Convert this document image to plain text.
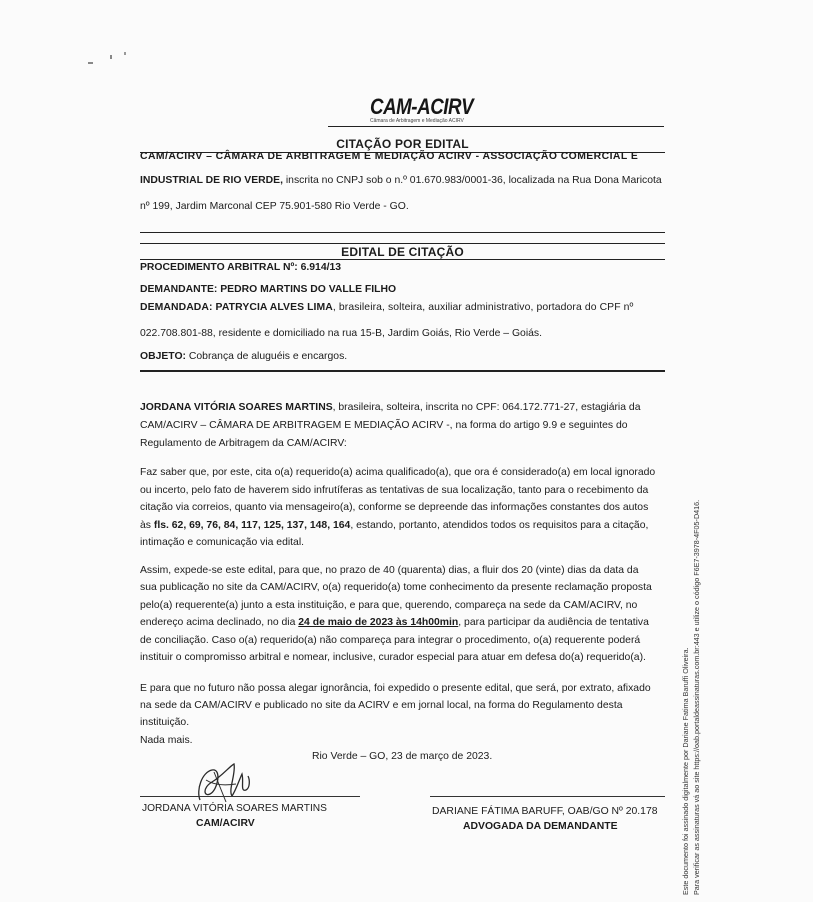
CAM-ACIRV
Câmara de Arbitragem e Mediação ACIRV
CITAÇÃO POR EDITAL
CAM/ACIRV – CÂMARA DE ARBITRAGEM E MEDIAÇÃO ACIRV - ASSOCIAÇÃO COMERCIAL E
INDUSTRIAL DE RIO VERDE, inscrita no CNPJ sob o n.º 01.670.983/0001-36, localizada na Rua Dona Maricota
nº 199, Jardim Marconal CEP 75.901-580 Rio Verde - GO.
EDITAL DE CITAÇÃO
PROCEDIMENTO ARBITRAL Nº: 6.914/13
DEMANDANTE: PEDRO MARTINS DO VALLE FILHO
DEMANDADA: PATRYCIA ALVES LIMA, brasileira, solteira, auxiliar administrativo, portadora do CPF nº
022.708.801-88, residente e domiciliado na rua 15-B, Jardim Goiás, Rio Verde – Goiás.
OBJETO: Cobrança de aluguéis e encargos.
JORDANA VITÓRIA SOARES MARTINS, brasileira, solteira, inscrita no CPF: 064.172.771-27, estagiária da
CAM/ACIRV – CÂMARA DE ARBITRAGEM E MEDIAÇÃO ACIRV -, na forma do artigo 9.9 e seguintes do
Regulamento de Arbitragem da CAM/ACIRV:
Faz saber que, por este, cita o(a) requerido(a) acima qualificado(a), que ora é considerado(a) em local ignorado
ou incerto, pelo fato de haverem sido infrutíferas as tentativas de sua localização, tanto para o recebimento da
citação via correios, quanto via mensageiro(a), conforme se depreende das informações constantes dos autos
às fls. 62, 69, 76, 84, 117, 125, 137, 148, 164, estando, portanto, atendidos todos os requisitos para a citação,
intimação e comunicação via edital.
Assim, expede-se este edital, para que, no prazo de 40 (quarenta) dias, a fluir dos 20 (vinte) dias da data da
sua publicação no site da CAM/ACIRV, o(a) requerido(a) tome conhecimento da presente reclamação proposta
pelo(a) requerente(a) junto a esta instituição, e para que, querendo, compareça na sede da CAM/ACIRV, no
endereço acima declinado, no dia 24 de maio de 2023 às 14h00min, para participar da audiência de tentativa
de conciliação. Caso o(a) requerido(a) não compareça para integrar o procedimento, o(a) requerente poderá
instituir o compromisso arbitral e nomear, inclusive, curador especial para atuar em defesa do(a) requerido(a).
E para que no futuro não possa alegar ignorância, foi expedido o presente edital, que será, por extrato, afixado
na sede da CAM/ACIRV e publicado no site da ACIRV e em jornal local, na forma do Regulamento desta
instituição.
Nada mais.
Rio Verde – GO, 23 de março de 2023.
JORDANA VITÓRIA SOARES MARTINS
CAM/ACIRV
DARIANE FÁTIMA BARUFF, OAB/GO Nº 20.178
ADVOGADA DA DEMANDANTE	Este documento foi assinado digitalmente por Dariane Fatima Baruffi Oliveira. Para verificar as assinaturas vá ao site https://oab.portaldeassinaturas.com.br:443 e utilize o código F6E7-3978-4F05-D416.
